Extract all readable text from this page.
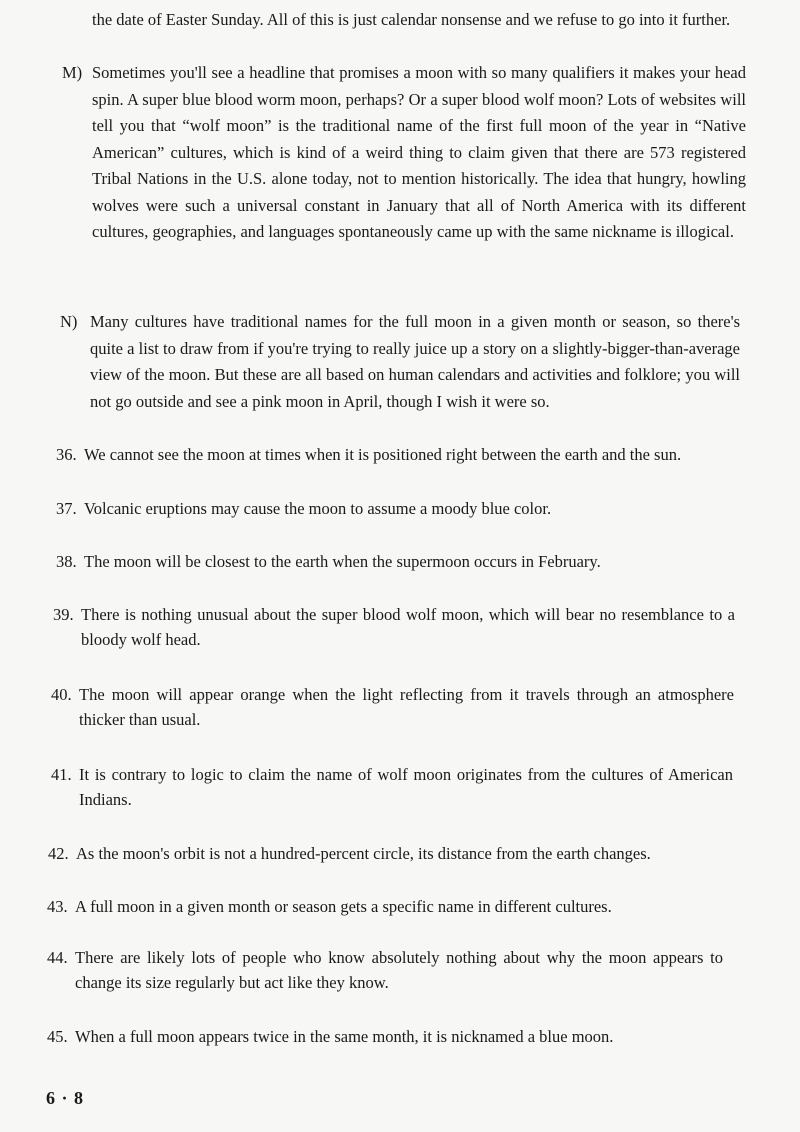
the date of Easter Sunday. All of this is just calendar nonsense and we refuse to go into it further.
M) Sometimes you'll see a headline that promises a moon with so many qualifiers it makes your head spin. A super blue blood worm moon, perhaps? Or a super blood wolf moon? Lots of websites will tell you that “wolf moon” is the traditional name of the first full moon of the year in “Native American” cultures, which is kind of a weird thing to claim given that there are 573 registered Tribal Nations in the U.S. alone today, not to mention historically. The idea that hungry, howling wolves were such a universal constant in January that all of North America with its different cultures, geographies, and languages spontaneously came up with the same nickname is illogical.
N) Many cultures have traditional names for the full moon in a given month or season, so there's quite a list to draw from if you're trying to really juice up a story on a slightly-bigger-than-average view of the moon. But these are all based on human calendars and activities and folklore; you will not go outside and see a pink moon in April, though I wish it were so.
36. We cannot see the moon at times when it is positioned right between the earth and the sun.
37. Volcanic eruptions may cause the moon to assume a moody blue color.
38. The moon will be closest to the earth when the supermoon occurs in February.
39. There is nothing unusual about the super blood wolf moon, which will bear no resemblance to a bloody wolf head.
40. The moon will appear orange when the light reflecting from it travels through an atmosphere thicker than usual.
41. It is contrary to logic to claim the name of wolf moon originates from the cultures of American Indians.
42. As the moon's orbit is not a hundred-percent circle, its distance from the earth changes.
43. A full moon in a given month or season gets a specific name in different cultures.
44. There are likely lots of people who know absolutely nothing about why the moon appears to change its size regularly but act like they know.
45. When a full moon appears twice in the same month, it is nicknamed a blue moon.
6 · 8
